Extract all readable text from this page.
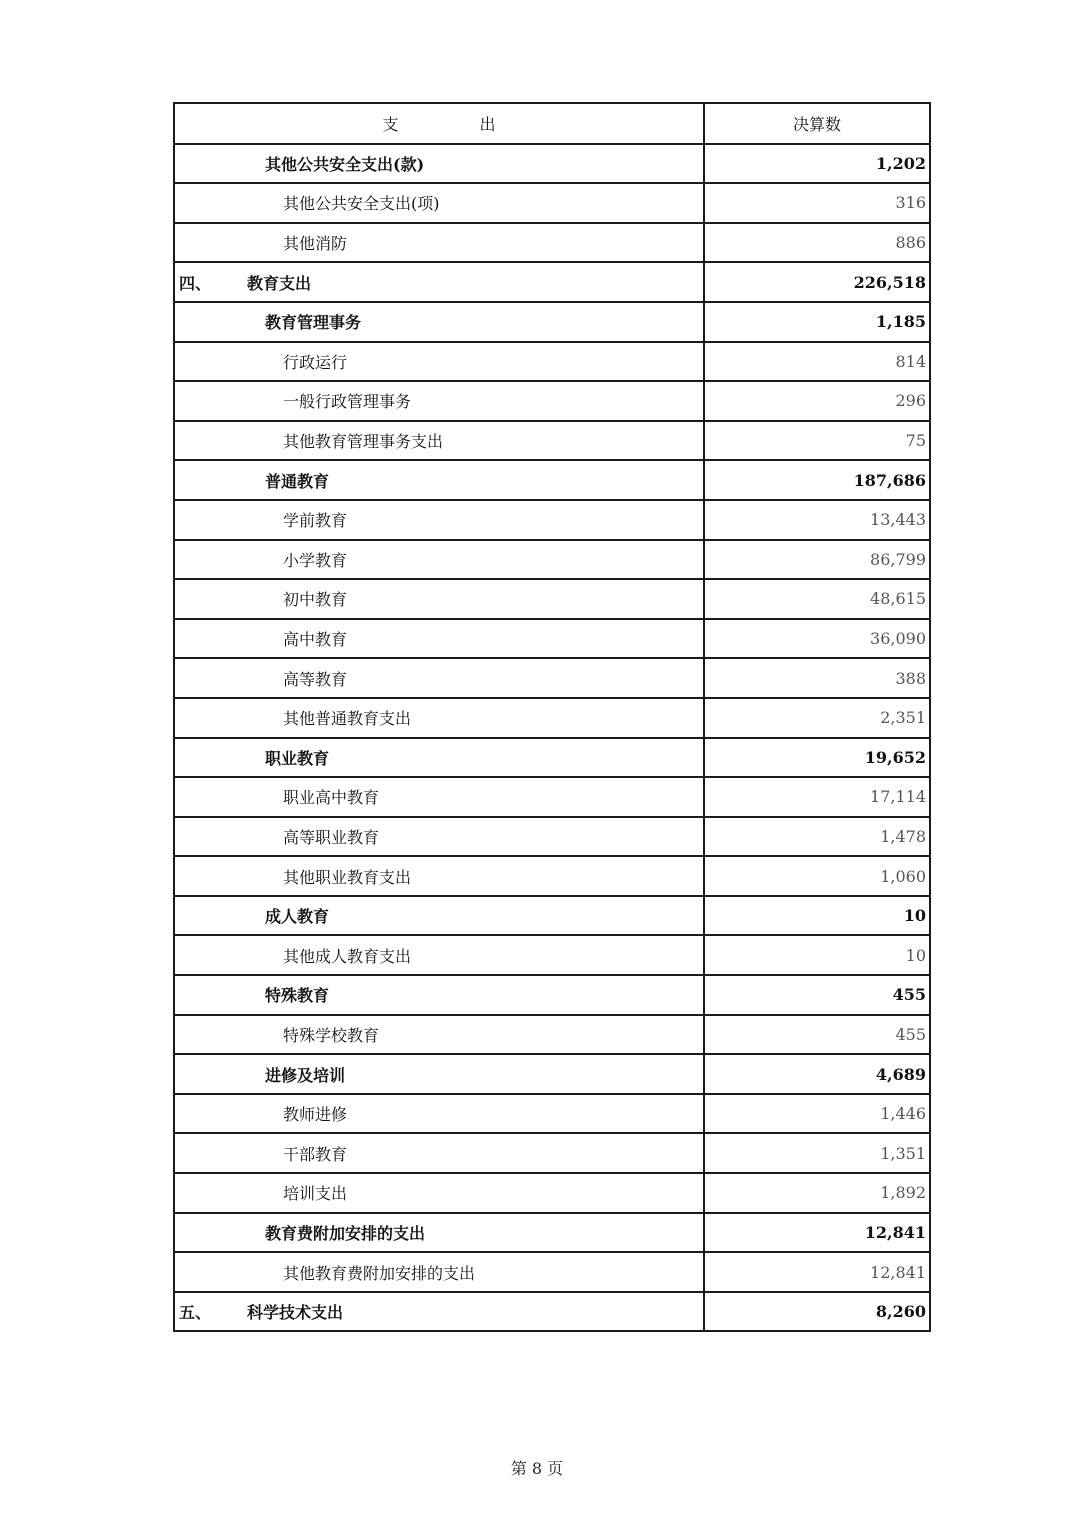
支 出	决算数
其他公共安全支出(款)	1,202
其他公共安全支出(项)	316
其他消防	886
四、 教育支出	226,518
教育管理事务	1,185
行政运行	814
一般行政管理事务	296
其他教育管理事务支出	75
普通教育	187,686
学前教育	13,443
小学教育	86,799
初中教育	48,615
高中教育	36,090
高等教育	388
其他普通教育支出	2,351
职业教育	19,652
职业高中教育	17,114
高等职业教育	1,478
其他职业教育支出	1,060
成人教育	10
其他成人教育支出	10
特殊教育	455
特殊学校教育	455
进修及培训	4,689
教师进修	1,446
干部教育	1,351
培训支出	1,892
教育费附加安排的支出	12,841
其他教育费附加安排的支出	12,841
五、 科学技术支出	8,260
第 8 页
